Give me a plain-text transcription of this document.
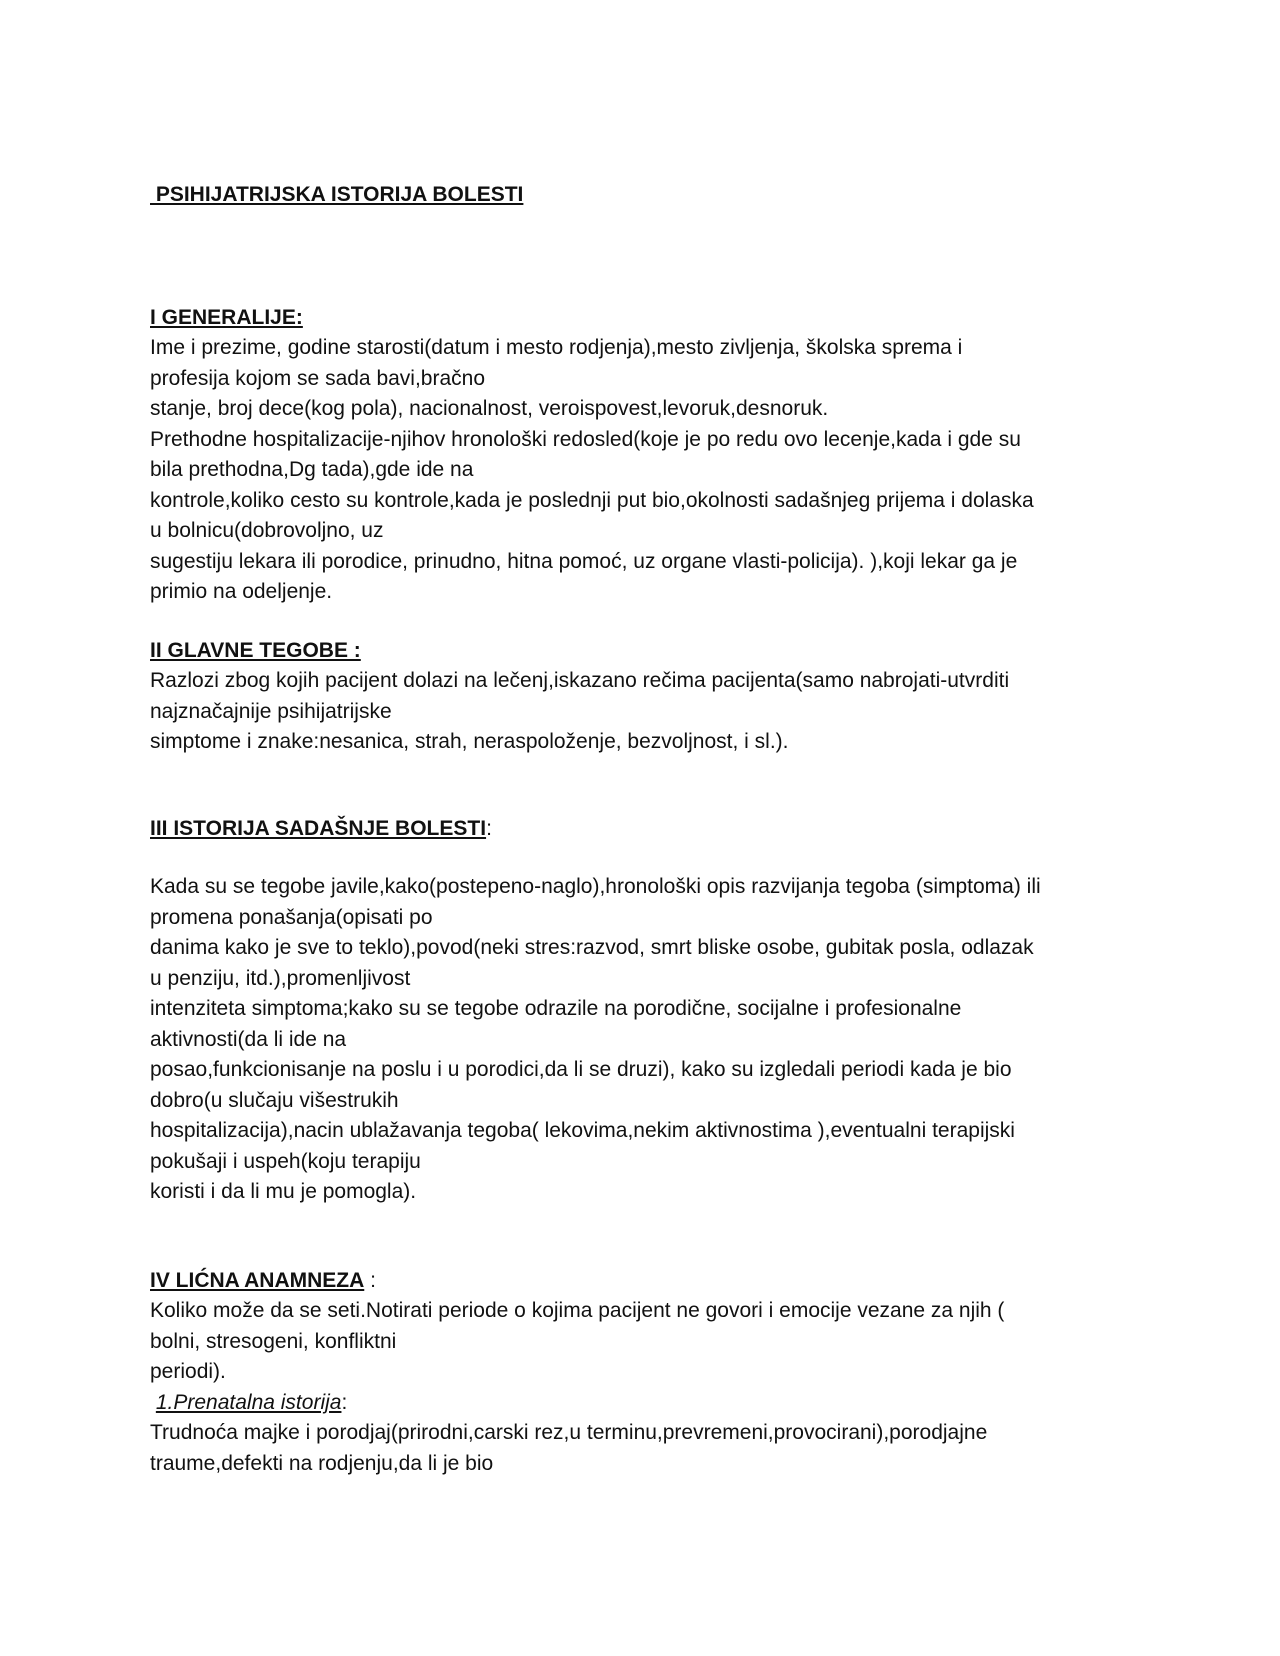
PSIHIJATRIJSKA ISTORIJA BOLESTI
I GENERALIJE:
Ime i prezime, godine starosti(datum i mesto rodjenja),mesto zivljenja, školska sprema i
profesija kojom se sada bavi,bračno
stanje, broj dece(kog pola), nacionalnost, veroispovest,levoruk,desnoruk.
Prethodne hospitalizacije-njihov hronološki redosled(koje je po redu ovo lecenje,kada i gde su
bila prethodna,Dg tada),gde ide na
kontrole,koliko cesto su kontrole,kada je poslednji put bio,okolnosti sadašnjeg prijema i dolaska
u bolnicu(dobrovoljno, uz
sugestiju lekara ili porodice, prinudno, hitna pomoć, uz organe vlasti-policija). ),koji lekar ga je
primio na odeljenje.
II GLAVNE TEGOBE :
Razlozi zbog kojih pacijent dolazi na lečenj,iskazano rečima pacijenta(samo nabrojati-utvrditi
najznačajnije psihijatrijske
simptome i znake:nesanica, strah, neraspoloženje, bezvoljnost, i sl.).
III ISTORIJA SADAŠNJE BOLESTI:
Kada su se tegobe javile,kako(postepeno-naglo),hronološki opis razvijanja tegoba (simptoma) ili
promena ponašanja(opisati po
danima kako je sve to teklo),povod(neki stres:razvod, smrt bliske osobe, gubitak posla, odlazak
u penziju, itd.),promenljivost
intenziteta simptoma;kako su se tegobe odrazile na porodične, socijalne i profesionalne
aktivnosti(da li ide na
posao,funkcionisanje na poslu i u porodici,da li se druzi), kako su izgledali periodi kada je bio
dobro(u slučaju višestrukih
hospitalizacija),nacin ublažavanja tegoba( lekovima,nekim aktivnostima ),eventualni terapijski
pokušaji i uspeh(koju terapiju
koristi i da li mu je pomogla).
IV LIĆNA ANAMNEZA :
Koliko može da se seti.Notirati periode o kojima pacijent ne govori i emocije vezane za njih (
bolni, stresogeni, konfliktni
periodi).
1.Prenatalna istorija:
Trudnoća majke i porodjaj(prirodni,carski rez,u terminu,prevremeni,provocirani),porodjajne
traume,defekti na rodjenju,da li je bio
